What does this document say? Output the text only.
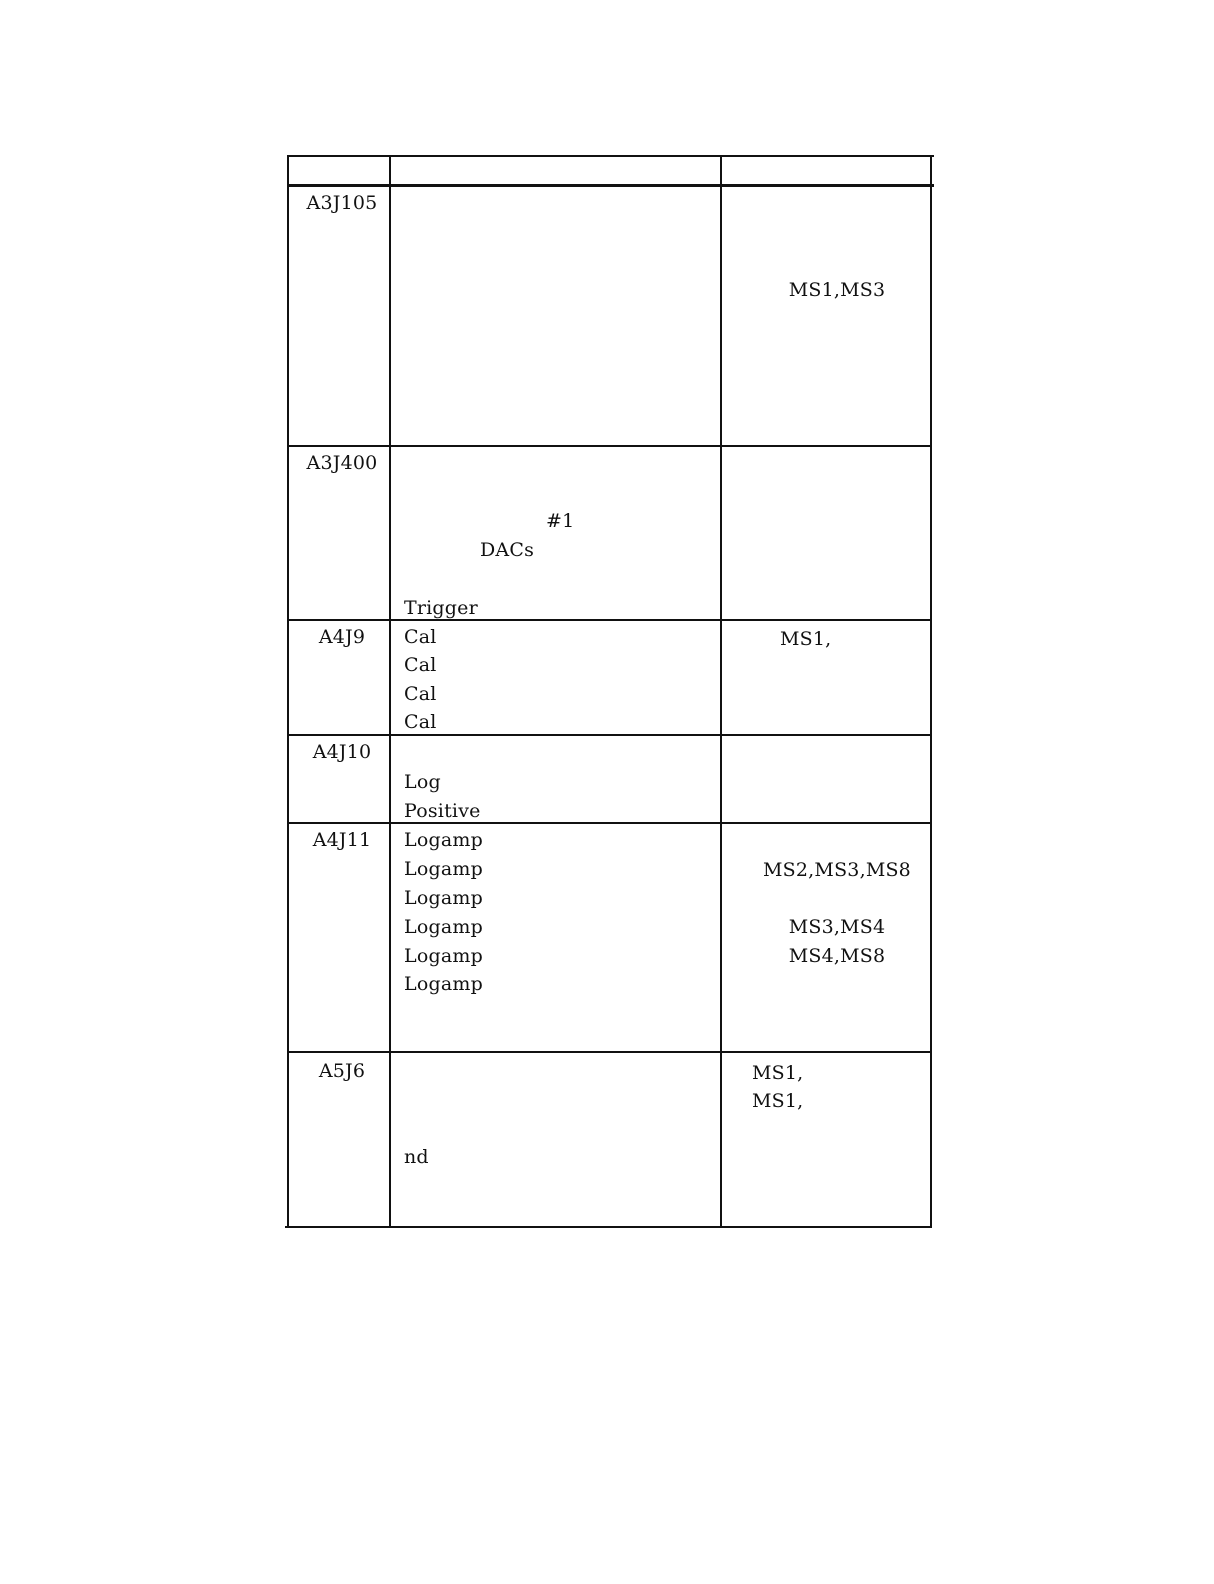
A3J105
MS1,MS3
A3J400
#1
DACs
Trigger
A4J9	Cal
Cal
Cal
Cal
MS1,
A4J10
Log
Positive
A4J11	Logamp
Logamp
Logamp
Logamp
Logamp
Logamp
MS2,MS3,MS8
MS3,MS4
MS4,MS8
A5J6
nd
MS1,
MS1,
